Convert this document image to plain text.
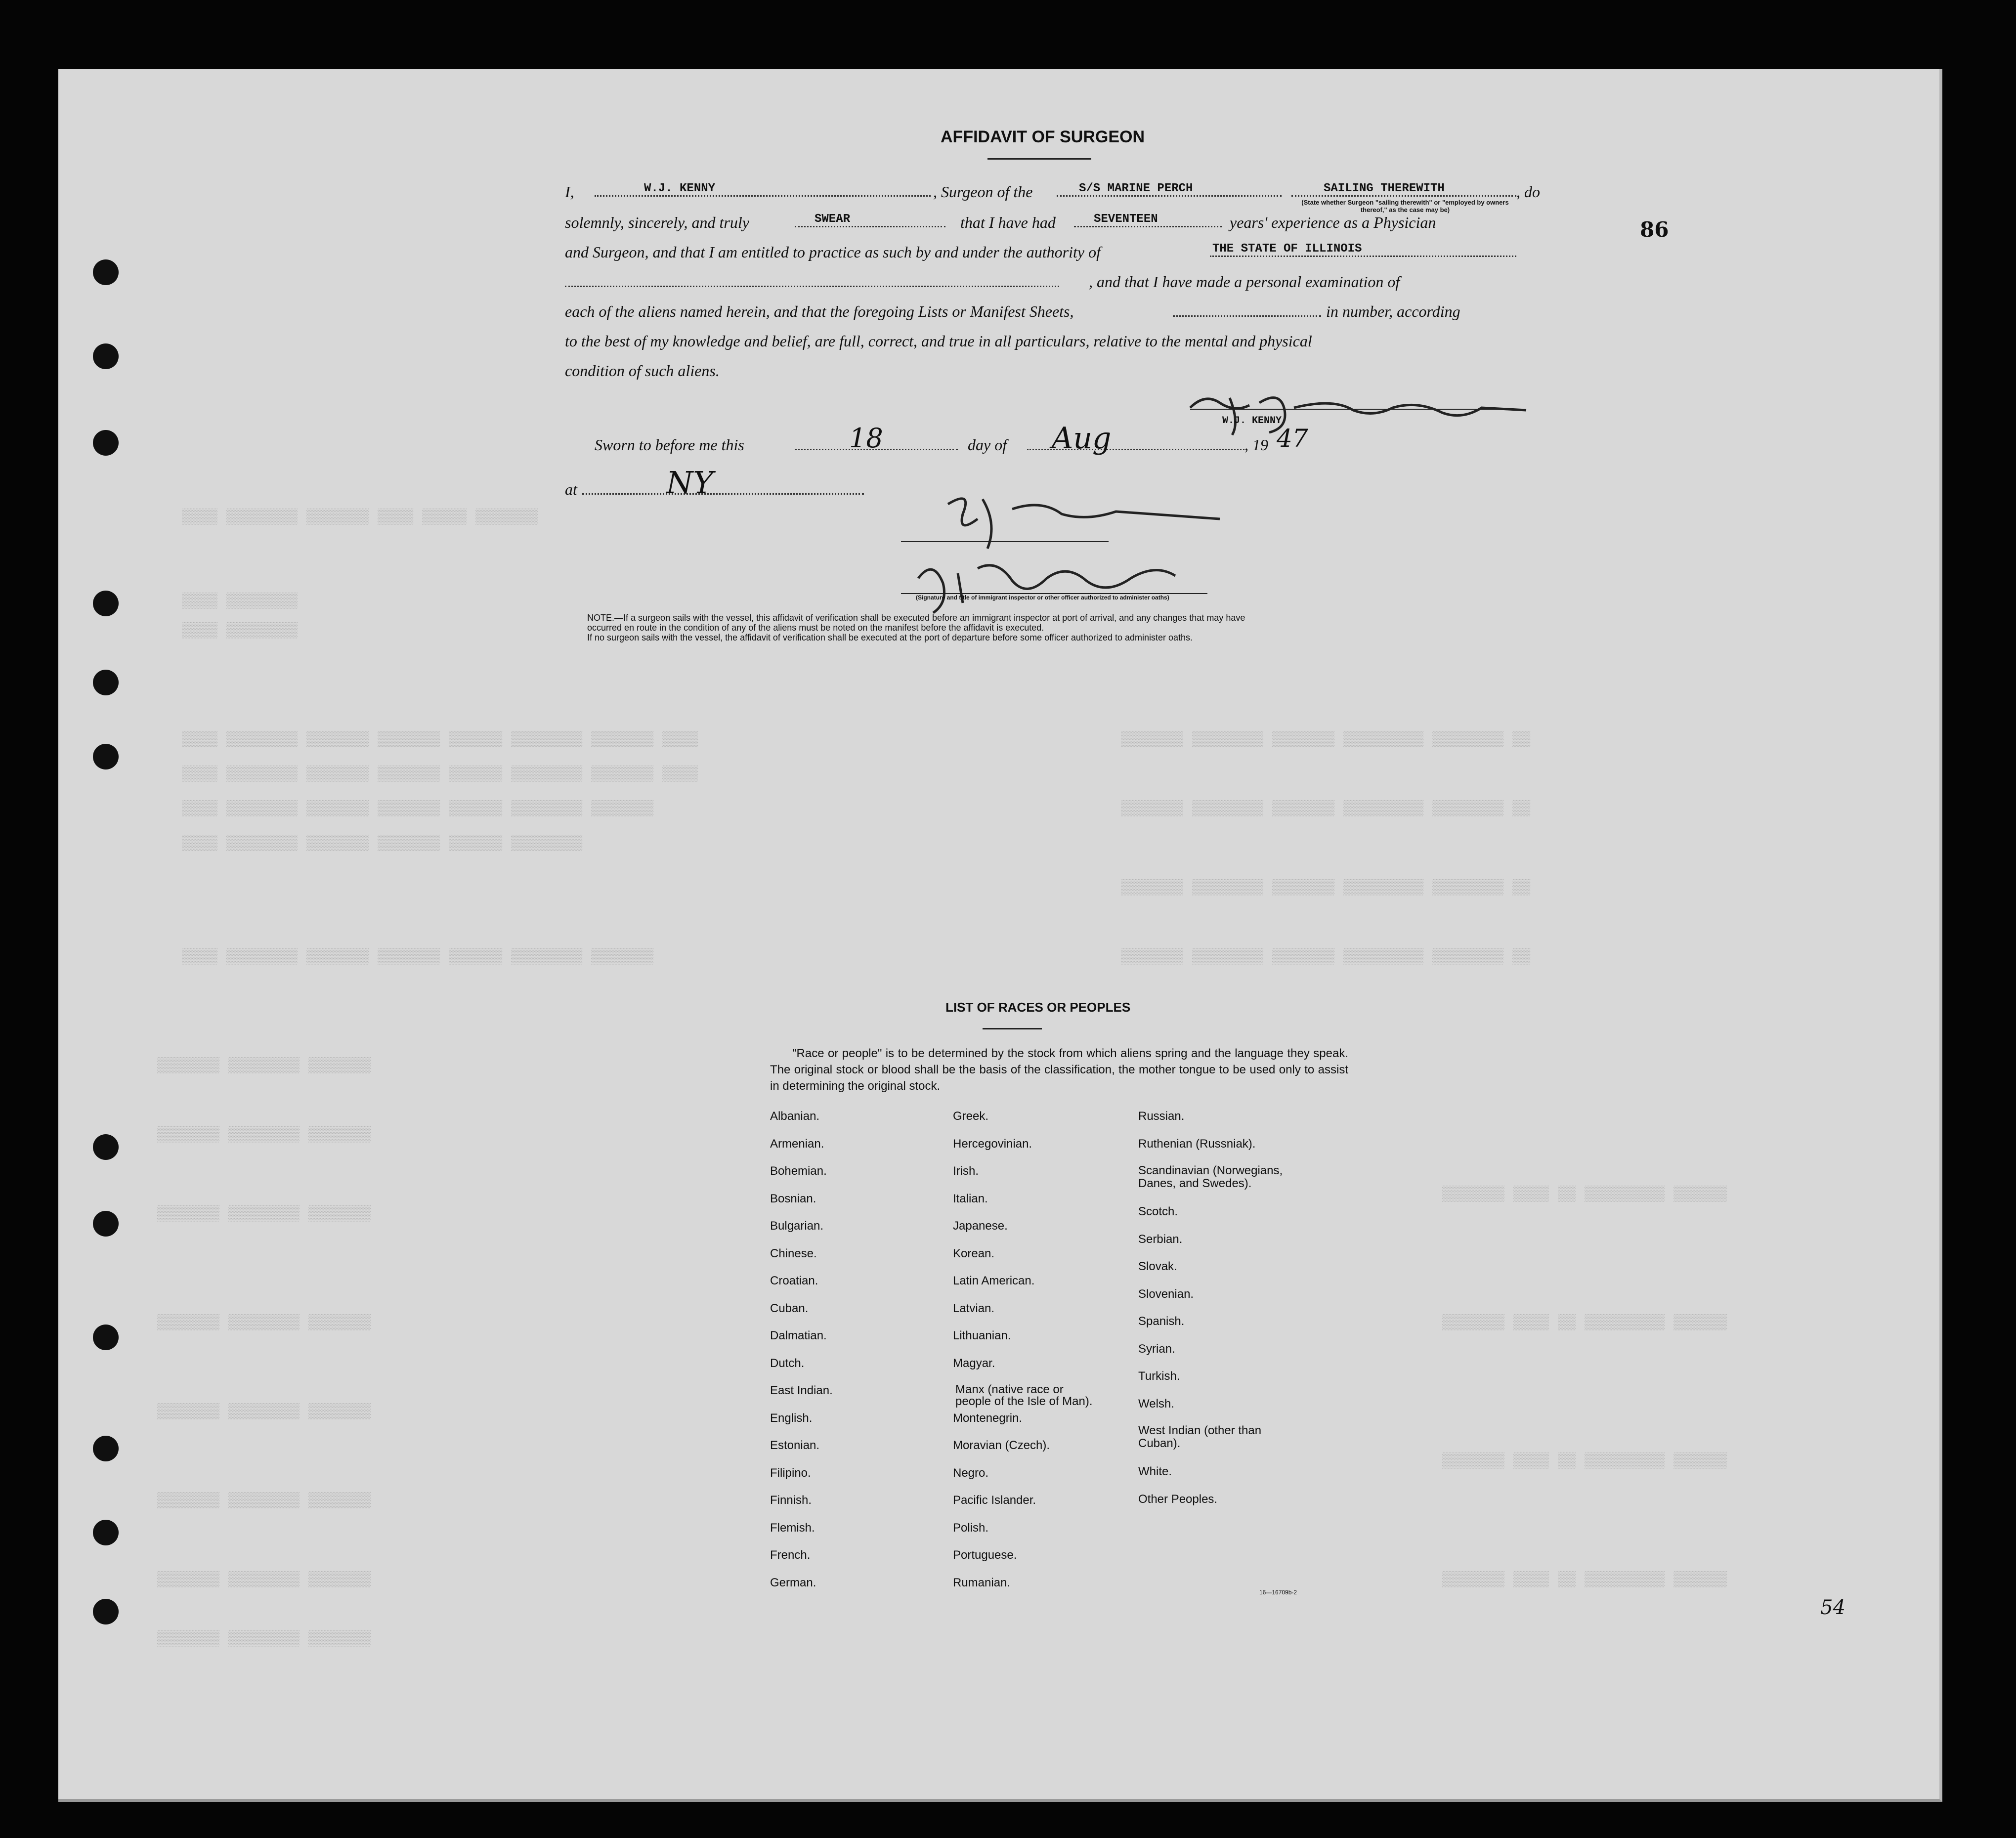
▒▒▒▒ ▒▒▒▒▒▒▒▒ ▒▒▒▒▒▒▒ ▒▒▒▒ ▒▒▒▒▒ ▒▒▒▒▒▒▒
▒▒▒▒ ▒▒▒▒▒▒▒▒
▒▒▒▒ ▒▒▒▒▒▒▒▒
▒▒▒▒ ▒▒▒▒▒▒▒▒ ▒▒▒▒▒▒▒ ▒▒▒▒▒▒▒ ▒▒▒▒▒▒ ▒▒▒▒▒▒▒▒ ▒▒▒▒▒▒▒ ▒▒▒▒
▒▒▒▒ ▒▒▒▒▒▒▒▒ ▒▒▒▒▒▒▒ ▒▒▒▒▒▒▒ ▒▒▒▒▒▒ ▒▒▒▒▒▒▒▒ ▒▒▒▒▒▒▒ ▒▒▒▒
▒▒▒▒ ▒▒▒▒▒▒▒▒ ▒▒▒▒▒▒▒ ▒▒▒▒▒▒▒ ▒▒▒▒▒▒ ▒▒▒▒▒▒▒▒ ▒▒▒▒▒▒▒
▒▒▒▒ ▒▒▒▒▒▒▒▒ ▒▒▒▒▒▒▒ ▒▒▒▒▒▒▒ ▒▒▒▒▒▒ ▒▒▒▒▒▒▒▒
▒▒▒▒ ▒▒▒▒▒▒▒▒ ▒▒▒▒▒▒▒ ▒▒▒▒▒▒▒ ▒▒▒▒▒▒ ▒▒▒▒▒▒▒▒ ▒▒▒▒▒▒▒
▒▒▒▒▒▒▒ ▒▒▒▒▒▒▒▒ ▒▒▒▒▒▒▒ ▒▒▒▒▒▒▒▒▒ ▒▒▒▒▒▒▒▒ ▒▒
▒▒▒▒▒▒▒ ▒▒▒▒▒▒▒▒ ▒▒▒▒▒▒▒ ▒▒▒▒▒▒▒▒▒ ▒▒▒▒▒▒▒▒ ▒▒
▒▒▒▒▒▒▒ ▒▒▒▒▒▒▒▒ ▒▒▒▒▒▒▒ ▒▒▒▒▒▒▒▒▒ ▒▒▒▒▒▒▒▒ ▒▒
▒▒▒▒▒▒▒ ▒▒▒▒▒▒▒▒ ▒▒▒▒▒▒▒ ▒▒▒▒▒▒▒▒▒ ▒▒▒▒▒▒▒▒ ▒▒
▒▒▒▒▒▒▒ ▒▒▒▒▒▒▒▒ ▒▒▒▒▒▒▒
▒▒▒▒▒▒▒ ▒▒▒▒▒▒▒▒ ▒▒▒▒▒▒▒
▒▒▒▒▒▒▒ ▒▒▒▒▒▒▒▒ ▒▒▒▒▒▒▒
▒▒▒▒▒▒▒ ▒▒▒▒▒▒▒▒ ▒▒▒▒▒▒▒
▒▒▒▒▒▒▒ ▒▒▒▒▒▒▒▒ ▒▒▒▒▒▒▒
▒▒▒▒▒▒▒ ▒▒▒▒▒▒▒▒ ▒▒▒▒▒▒▒
▒▒▒▒▒▒▒ ▒▒▒▒▒▒▒▒ ▒▒▒▒▒▒▒
▒▒▒▒▒▒▒ ▒▒▒▒▒▒▒▒ ▒▒▒▒▒▒▒
▒▒▒▒▒▒▒ ▒▒▒▒ ▒▒ ▒▒▒▒▒▒▒▒▒ ▒▒▒▒▒▒
▒▒▒▒▒▒▒ ▒▒▒▒ ▒▒ ▒▒▒▒▒▒▒▒▒ ▒▒▒▒▒▒
▒▒▒▒▒▒▒ ▒▒▒▒ ▒▒ ▒▒▒▒▒▒▒▒▒ ▒▒▒▒▒▒
▒▒▒▒▒▒▒ ▒▒▒▒ ▒▒ ▒▒▒▒▒▒▒▒▒ ▒▒▒▒▒▒
86
54
AFFIDAVIT OF SURGEON
I,	W.J. KENNY	, Surgeon of the	S/S MARINE PERCH	SAILING THEREWITH	, do
(State whether Surgeon "sailing therewith" or "employed by owners thereof," as the case may be)
solemnly, sincerely, and truly	SWEAR	that I have had	SEVENTEEN	years' experience as a Physician
and Surgeon, and that I am entitled to practice as such by and under the authority of	THE STATE OF ILLINOIS
, and that I have made a personal examination of
each of the aliens named herein, and that the foregoing Lists or Manifest Sheets,	in number, according
to the best of my knowledge and belief, are full, correct, and true in all particulars, relative to the mental and physical
condition of such aliens.
W.J. KENNY
Sworn to before me this	18	day of Aug	, 19 47
at	NY
(Signature and title of immigrant inspector or other officer authorized to administer oaths)
NOTE.—If a surgeon sails with the vessel, this affidavit of verification shall be executed before an immigrant inspector at port of arrival, and any changes that may have
occurred en route in the condition of any of the aliens must be noted on the manifest before the affidavit is executed.
If no surgeon sails with the vessel, the affidavit of verification shall be executed at the port of departure before some officer authorized to administer oaths.
LIST OF RACES OR PEOPLES
"Race or people" is to be determined by the stock from which aliens spring and the language they speak. The original stock or blood shall be the basis of the classification, the mother tongue to be used only to assist in determining the original stock.
Albanian.
Armenian.
Bohemian.
Bosnian.
Bulgarian.
Chinese.
Croatian.
Cuban.
Dalmatian.
Dutch.
East Indian.
English.
Estonian.
Filipino.
Finnish.
Flemish.
French.
German.
Greek.
Hercegovinian.
Irish.
Italian.
Japanese.
Korean.
Latin American.
Latvian.
Lithuanian.
Magyar.
Manx (native race or people of the Isle of Man).
Montenegrin.
Moravian (Czech).
Negro.
Pacific Islander.
Polish.
Portuguese.
Rumanian.
Russian.
Ruthenian (Russniak).
Scandinavian (Norwegians, Danes, and Swedes).
Scotch.
Serbian.
Slovak.
Slovenian.
Spanish.
Syrian.
Turkish.
Welsh.
West Indian (other than Cuban).
White.
Other Peoples.
16—16709b-2
